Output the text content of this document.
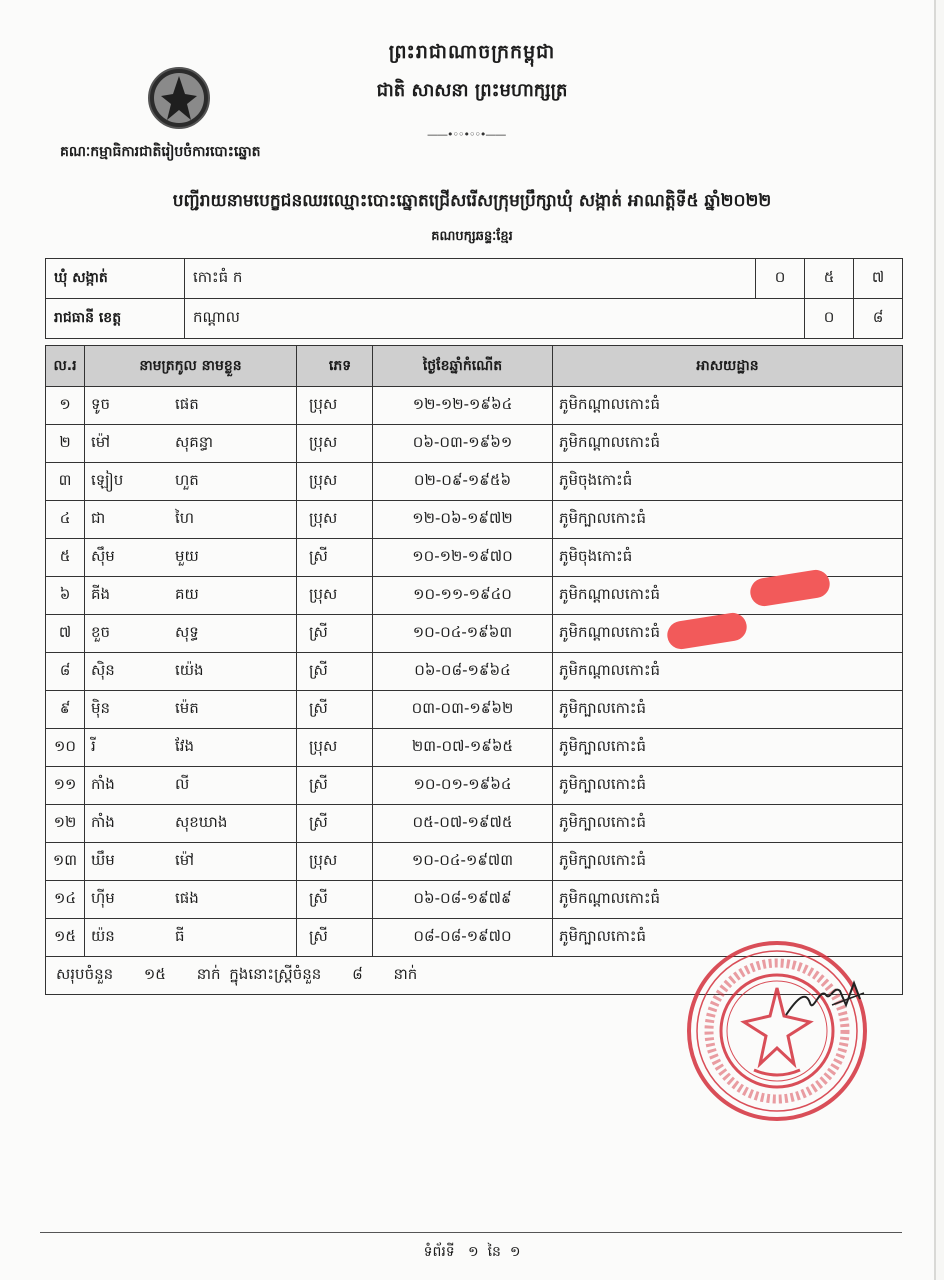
ព្រះរាជាណាចក្រកម្ពុជា
ជាតិ សាសនា ព្រះមហាក្សត្រ
——•◦◦•◦◦•——
គណៈកម្មាធិការជាតិរៀបចំការបោះឆ្នោត
បញ្ជីរាយនាមបេក្ខជនឈរឈ្មោះបោះឆ្នោតជ្រើសរើសក្រុមប្រឹក្សាឃុំ សង្កាត់ អាណត្តិទី៥ ឆ្នាំ២០២២
គណបក្សឆន្ទៈខ្មែរ
ឃុំ សង្កាត់	កោះធំ ក	០	៥	៧
រាជធានី ខេត្ត	កណ្តាល		០	៨
ល.រ	នាមត្រកូល នាមខ្លួន	ភេទ	ថ្ងៃខែឆ្នាំកំណើត	អាសយដ្ឋាន
១	ទូច ផេត	ប្រុស	១២-១២-១៩៦៤	ភូមិកណ្តាលកោះធំ
២	ម៉ៅ សុគន្ធា	ប្រុស	០៦-០៣-១៩៦១	ភូមិកណ្តាលកោះធំ
៣	ឡៀប ហួត	ប្រុស	០២-០៩-១៩៥៦	ភូមិចុងកោះធំ
៤	ជា ហៃ	ប្រុស	១២-០៦-១៩៧២	ភូមិក្បាលកោះធំ
៥	ស៊ឹម មួយ	ស្រី	១០-១២-១៩៧០	ភូមិចុងកោះធំ
៦	គីង គយ	ប្រុស	១០-១១-១៩៤០	ភូមិកណ្តាលកោះធំ
៧	ខួច សុទ្ធ	ស្រី	១០-០៤-១៩៦៣	ភូមិកណ្តាលកោះធំ
៨	ស៊ិន យ៉េង	ស្រី	០៦-០៨-១៩៦៤	ភូមិកណ្តាលកោះធំ
៩	ម៉ិន ម៉េត	ស្រី	០៣-០៣-១៩៦២	ភូមិក្បាលកោះធំ
១០	រី វែង	ប្រុស	២៣-០៧-១៩៦៥	ភូមិក្បាលកោះធំ
១១	កាំង លី	ស្រី	១០-០១-១៩៦៤	ភូមិក្បាលកោះធំ
១២	កាំង សុខឃាង	ស្រី	០៥-០៧-១៩៧៥	ភូមិក្បាលកោះធំ
១៣	ឃឹម ម៉ៅ	ប្រុស	១០-០៤-១៩៧៣	ភូមិក្បាលកោះធំ
១៤	ហ៊ីម ផេង	ស្រី	០៦-០៨-១៩៧៩	ភូមិកណ្តាលកោះធំ
១៥	យ៉ន ធី	ស្រី	០៨-០៨-១៩៧០	ភូមិក្បាលកោះធំ
សរុបចំនួន ១៥ នាក់ ក្នុងនោះស្ត្រីចំនួន ៨ នាក់				
ទំព័រទី ១ នៃ ១
